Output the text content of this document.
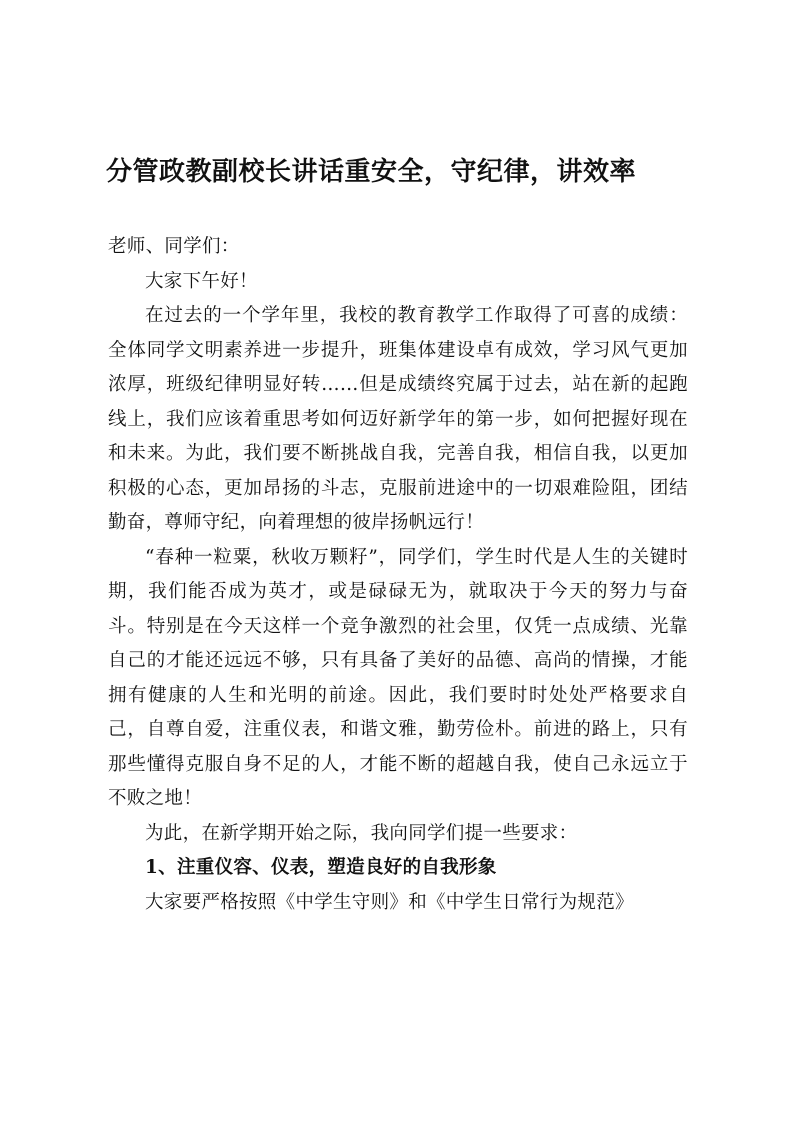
分管政教副校长讲话重安全，守纪律，讲效率

老师、同学们：

大家下午好！

在过去的一个学年里，我校的教育教学工作取得了可喜的成绩：全体同学文明素养进一步提升，班集体建设卓有成效，学习风气更加浓厚，班级纪律明显好转……但是成绩终究属于过去，站在新的起跑线上，我们应该着重思考如何迈好新学年的第一步，如何把握好现在和未来。为此，我们要不断挑战自我，完善自我，相信自我，以更加积极的心态，更加昂扬的斗志，克服前进途中的一切艰难险阻，团结勤奋，尊师守纪，向着理想的彼岸扬帆远行！

“春种一粒粟，秋收万颗籽”，同学们，学生时代是人生的关键时期，我们能否成为英才，或是碌碌无为，就取决于今天的努力与奋斗。特别是在今天这样一个竞争激烈的社会里，仅凭一点成绩、光靠自己的才能还远远不够，只有具备了美好的品德、高尚的情操，才能拥有健康的人生和光明的前途。因此，我们要时时处处严格要求自己，自尊自爱，注重仪表，和谐文雅，勤劳俭朴。前进的路上，只有那些懂得克服自身不足的人，才能不断的超越自我，使自己永远立于不败之地！

为此，在新学期开始之际，我向同学们提一些要求：

1、注重仪容、仪表，塑造良好的自我形象

大家要严格按照《中学生守则》和《中学生日常行为规范》
